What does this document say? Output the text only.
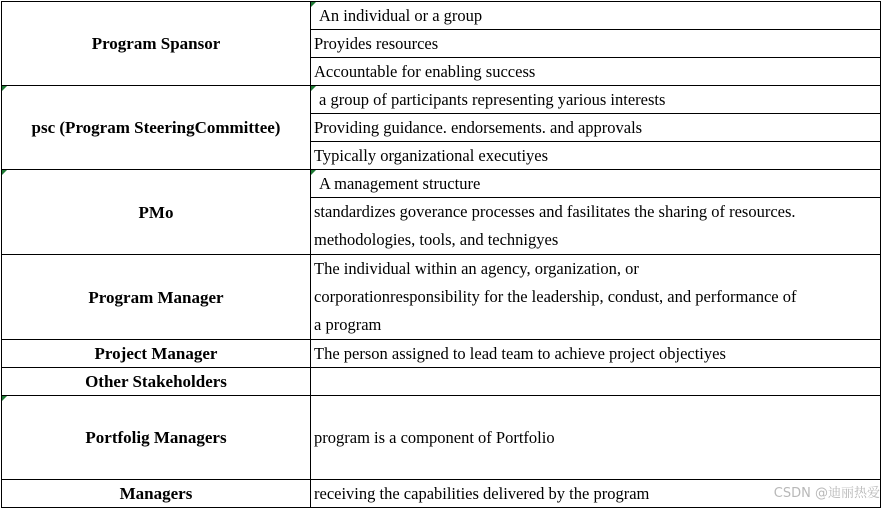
Program Spansor	An individual or a group
	Proyides resources
	Accountable for enabling success

psc (Program SteeringCommittee)	a group of participants representing yarious interests
	Providing guidance. endorsements. and approvals
	Typically organizational executiyes

PMo	A management structure

	standardizes goverance processes and fasilitates the sharing of resources.
methodologies, tools, and technigyes

Program Manager	The individual within an agency, organization, or
corporationresponsibility for the leadership, condust, and performance of
a program

Project Manager	The person assigned to lead team to achieve project objectiyes
Other Stakeholders	

Portfolig Managers	program is a component of Portfolio
Managers	receiving the capabilities delivered by the program	CSDN @迪丽热爱
